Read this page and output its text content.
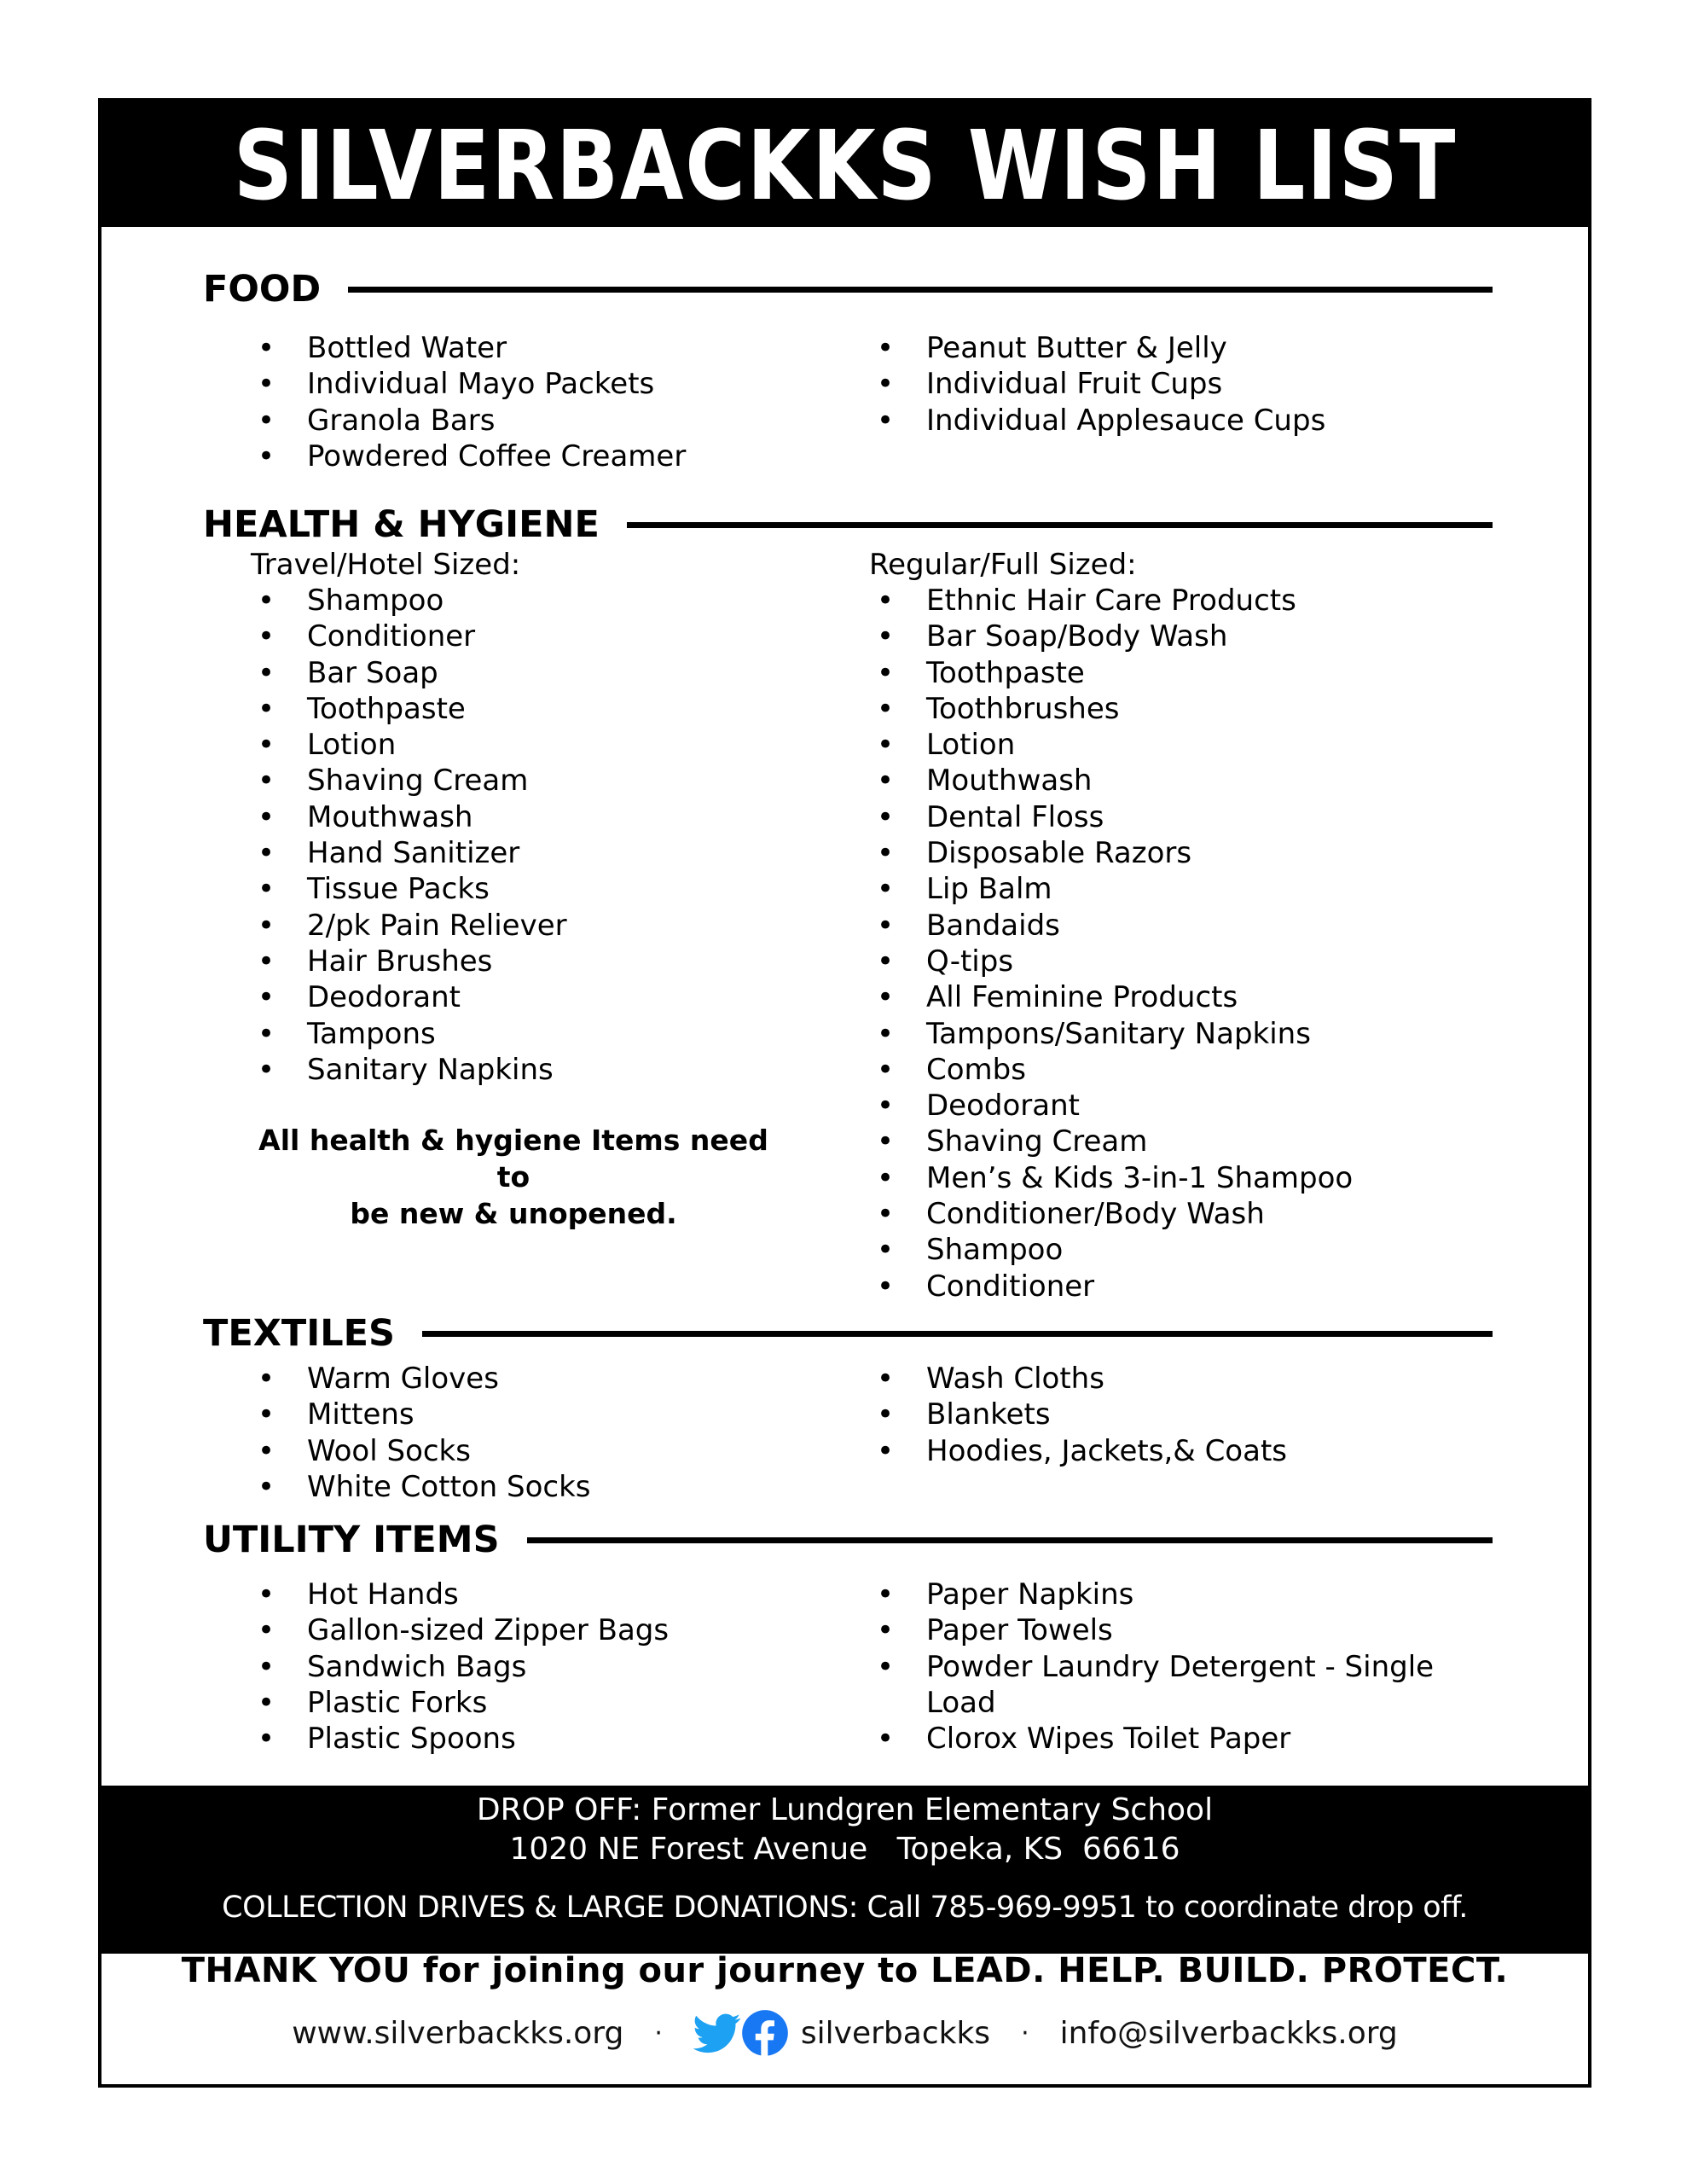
SILVERBACKKS WISH LIST
FOOD
• Bottled Water
• Individual Mayo Packets
• Granola Bars
• Powdered Coffee Creamer
• Peanut Butter & Jelly
• Individual Fruit Cups
• Individual Applesauce Cups
HEALTH & HYGIENE
Travel/Hotel Sized:
• Shampoo
• Conditioner
• Bar Soap
• Toothpaste
• Lotion
• Shaving Cream
• Mouthwash
• Hand Sanitizer
• Tissue Packs
• 2/pk Pain Reliever
• Hair Brushes
• Deodorant
• Tampons
• Sanitary Napkins
Regular/Full Sized:
• Ethnic Hair Care Products
• Bar Soap/Body Wash
• Toothpaste
• Toothbrushes
• Lotion
• Mouthwash
• Dental Floss
• Disposable Razors
• Lip Balm
• Bandaids
• Q-tips
• All Feminine Products
• Tampons/Sanitary Napkins
• Combs
• Deodorant
• Shaving Cream
• Men’s & Kids 3-in-1 Shampoo
• Conditioner/Body Wash
• Shampoo
• Conditioner
All health & hygiene Items need to
be new & unopened.
TEXTILES
• Warm Gloves
• Mittens
• Wool Socks
• White Cotton Socks
• Wash Cloths
• Blankets
• Hoodies, Jackets,& Coats
UTILITY ITEMS
• Hot Hands
• Gallon-sized Zipper Bags
• Sandwich Bags
• Plastic Forks
• Plastic Spoons
• Paper Napkins
• Paper Towels
• Powder Laundry Detergent - Single Load
• Clorox Wipes Toilet Paper
DROP OFF: Former Lundgren Elementary School
1020 NE Forest Avenue   Topeka, KS  66616
COLLECTION DRIVES & LARGE DONATIONS: Call 785-969-9951 to coordinate drop off.
THANK YOU for joining our journey to LEAD. HELP. BUILD. PROTECT.
www.silverbackks.org ·	silverbackks · info@silverbackks.org
